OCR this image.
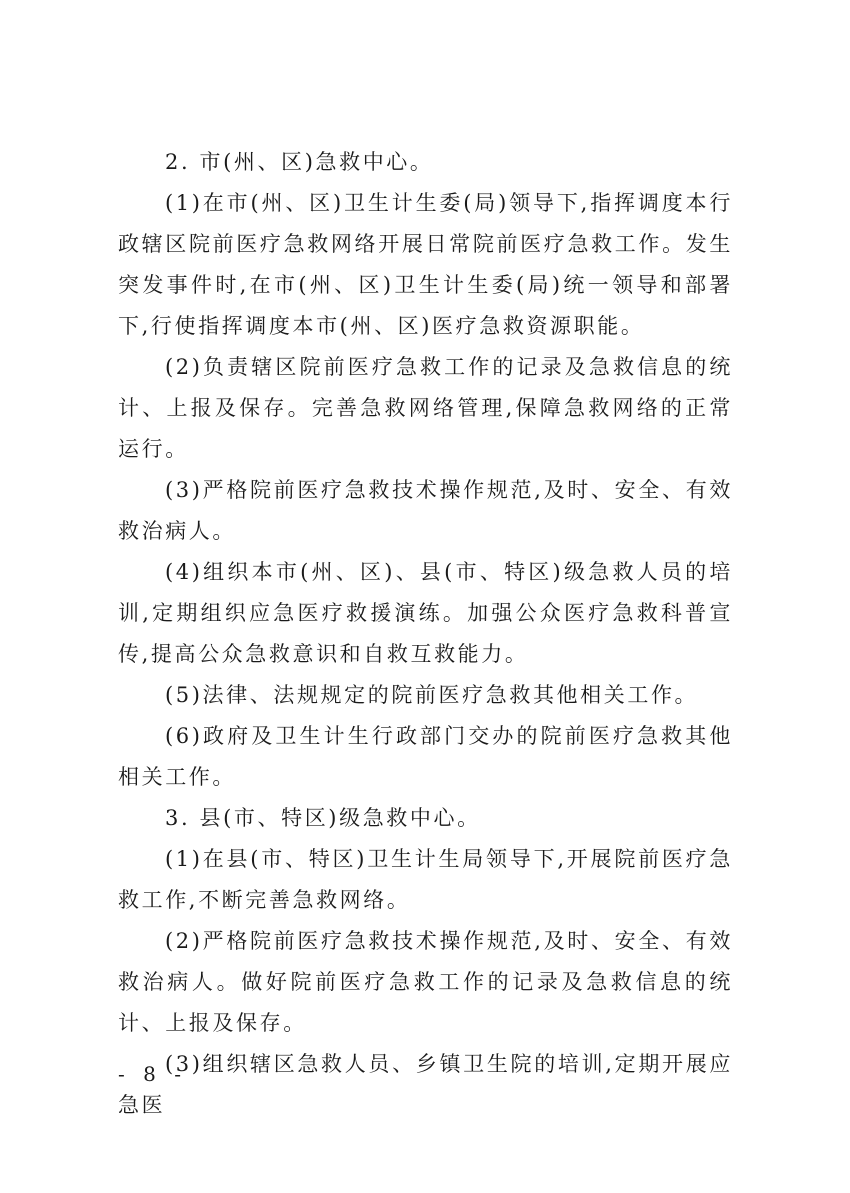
2. 市(州、区)急救中心。

(1)在市(州、区)卫生计生委(局)领导下,指挥调度本行政辖区院前医疗急救网络开展日常院前医疗急救工作。发生突发事件时,在市(州、区)卫生计生委(局)统一领导和部署下,行使指挥调度本市(州、区)医疗急救资源职能。

(2)负责辖区院前医疗急救工作的记录及急救信息的统计、上报及保存。完善急救网络管理,保障急救网络的正常运行。

(3)严格院前医疗急救技术操作规范,及时、安全、有效救治病人。

(4)组织本市(州、区)、县(市、特区)级急救人员的培训,定期组织应急医疗救援演练。加强公众医疗急救科普宣传,提高公众急救意识和自救互救能力。

(5)法律、法规规定的院前医疗急救其他相关工作。

(6)政府及卫生计生行政部门交办的院前医疗急救其他相关工作。

3. 县(市、特区)级急救中心。

(1)在县(市、特区)卫生计生局领导下,开展院前医疗急救工作,不断完善急救网络。

(2)严格院前医疗急救技术操作规范,及时、安全、有效救治病人。做好院前医疗急救工作的记录及急救信息的统计、上报及保存。

(3)组织辖区急救人员、乡镇卫生院的培训,定期开展应急医

- 8 -
